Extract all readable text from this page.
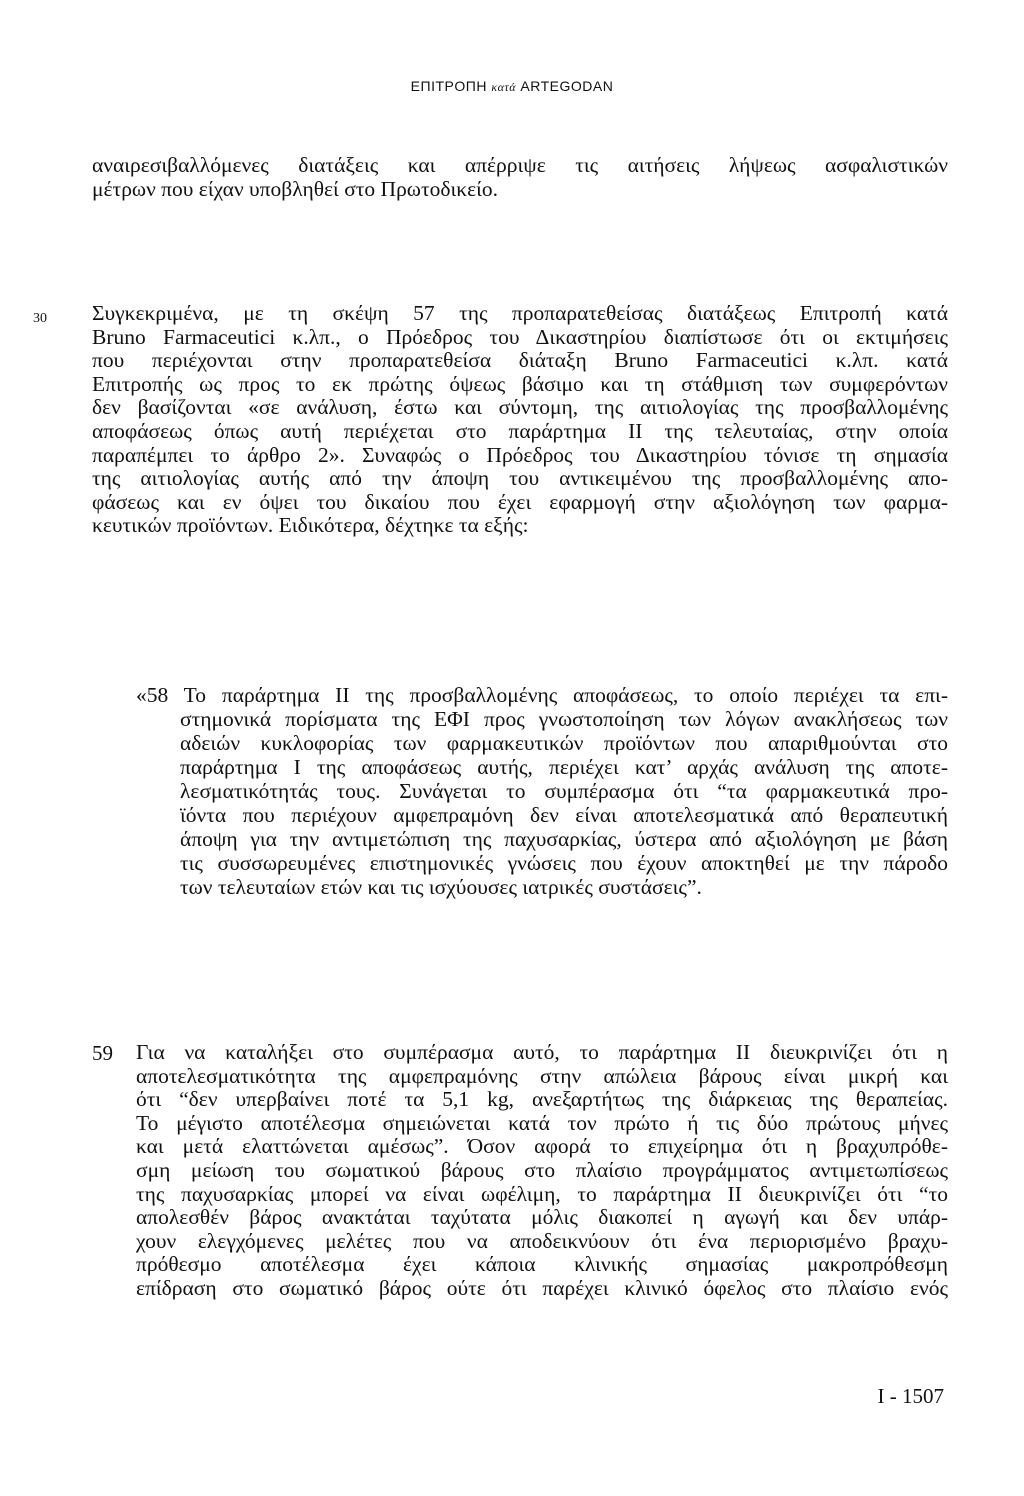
ΕΠΙΤΡΟΠΗ κατά ARTEGODAN
αναιρεσιβαλλόμενες διατάξεις και απέρριψε τις αιτήσεις λήψεως ασφαλιστικών
μέτρων που είχαν υποβληθεί στο Πρωτοδικείο.
30 Συγκεκριμένα, με τη σκέψη 57 της προπαρατεθείσας διατάξεως Επιτροπή κατά
Bruno Farmaceutici κ.λπ., ο Πρόεδρος του Δικαστηρίου διαπίστωσε ότι οι εκτιμήσεις
που περιέχονται στην προπαρατεθείσα διάταξη Bruno Farmaceutici κ.λπ. κατά
Επιτροπής ως προς το εκ πρώτης όψεως βάσιμο και τη στάθμιση των συμφερόντων
δεν βασίζονται «σε ανάλυση, έστω και σύντομη, της αιτιολογίας της προσβαλλομένης
αποφάσεως όπως αυτή περιέχεται στο παράρτημα II της τελευταίας, στην οποία
παραπέμπει το άρθρο 2». Συναφώς ο Πρόεδρος του Δικαστηρίου τόνισε τη σημασία
της αιτιολογίας αυτής από την άποψη του αντικειμένου της προσβαλλομένης απο-
φάσεως και εν όψει του δικαίου που έχει εφαρμογή στην αξιολόγηση των φαρμα-
κευτικών προϊόντων. Ειδικότερα, δέχτηκε τα εξής:
«58 Το παράρτημα II της προσβαλλομένης αποφάσεως, το οποίο περιέχει τα επι-
στημονικά πορίσματα της ΕΦΙ προς γνωστοποίηση των λόγων ανακλήσεως των
αδειών κυκλοφορίας των φαρμακευτικών προϊόντων που απαριθμούνται στο
παράρτημα I της αποφάσεως αυτής, περιέχει κατ’ αρχάς ανάλυση της αποτε-
λεσματικότητάς τους. Συνάγεται το συμπέρασμα ότι “τα φαρμακευτικά προ-
ϊόντα που περιέχουν αμφεπραμόνη δεν είναι αποτελεσματικά από θεραπευτική
άποψη για την αντιμετώπιση της παχυσαρκίας, ύστερα από αξιολόγηση με βάση
τις συσσωρευμένες επιστημονικές γνώσεις που έχουν αποκτηθεί με την πάροδο
των τελευταίων ετών και τις ισχύουσες ιατρικές συστάσεις”.
59 Για να καταλήξει στο συμπέρασμα αυτό, το παράρτημα II διευκρινίζει ότι η
αποτελεσματικότητα της αμφεπραμόνης στην απώλεια βάρους είναι μικρή και
ότι “δεν υπερβαίνει ποτέ τα 5,1 kg, ανεξαρτήτως της διάρκειας της θεραπείας.
Το μέγιστο αποτέλεσμα σημειώνεται κατά τον πρώτο ή τις δύο πρώτους μήνες
και μετά ελαττώνεται αμέσως”. Όσον αφορά το επιχείρημα ότι η βραχυπρόθε-
σμη μείωση του σωματικού βάρους στο πλαίσιο προγράμματος αντιμετωπίσεως
της παχυσαρκίας μπορεί να είναι ωφέλιμη, το παράρτημα II διευκρινίζει ότι “το
απολεσθέν βάρος ανακτάται ταχύτατα μόλις διακοπεί η αγωγή και δεν υπάρ-
χουν ελεγχόμενες μελέτες που να αποδεικνύουν ότι ένα περιορισμένο βραχυ-
πρόθεσμο αποτέλεσμα έχει κάποια κλινικής σημασίας μακροπρόθεσμη
επίδραση στο σωματικό βάρος ούτε ότι παρέχει κλινικό όφελος στο πλαίσιο ενός
I - 1507
